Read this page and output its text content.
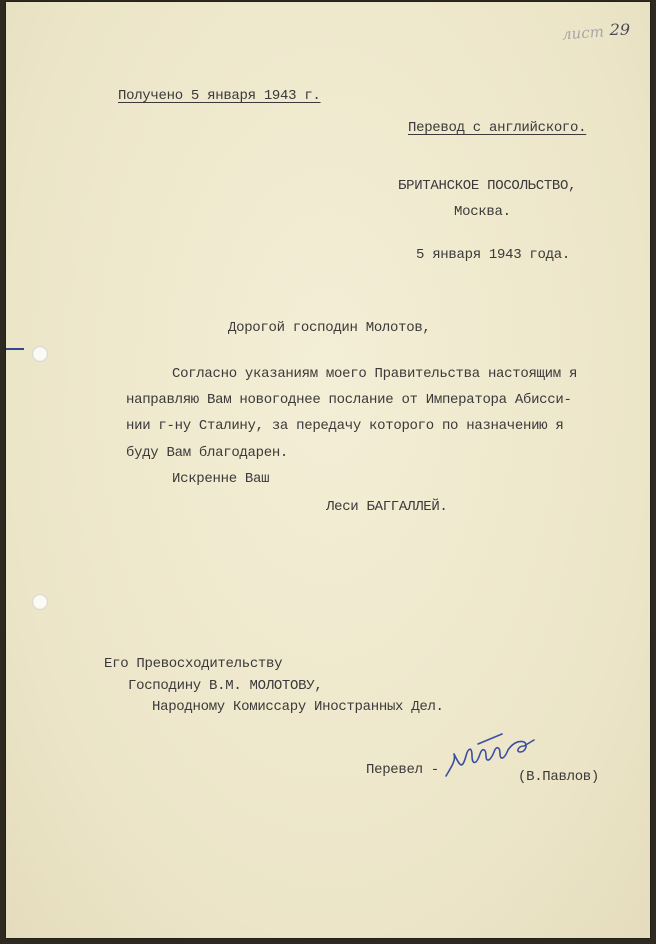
лист 29
Получено 5 января 1943 г.
Перевод с английского.
БРИТАНСКОЕ ПОСОЛЬСТВО,
Москва.
5 января 1943 года.
Дорогой господин Молотов,
Согласно указаниям моего Правительства настоящим я
направляю Вам новогоднее послание от Императора Абисси-
нии г-ну Сталину, за передачу которого по назначению я
буду Вам благодарен.
Искренне Ваш
Леси БАГГАЛЛЕЙ.
Его Превосходительству
Господину В.М. МОЛОТОВУ,
Народному Комиссару Иностранных Дел.
Перевел -	(В.Павлов)
